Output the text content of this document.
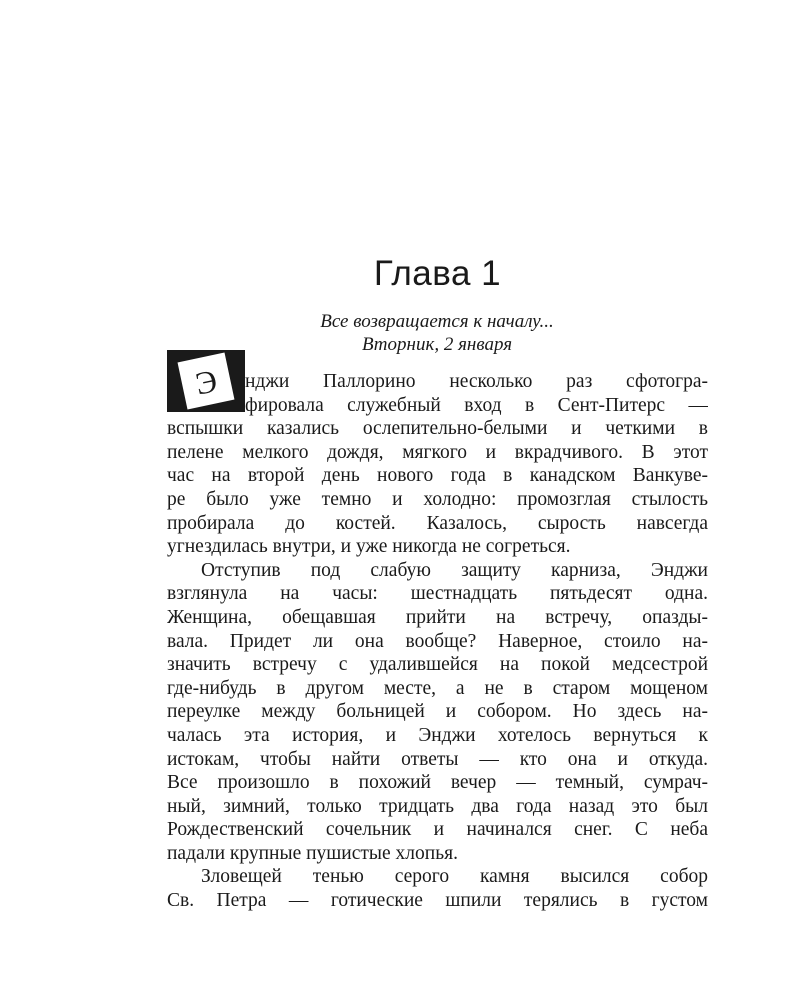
Глава 1
Все возвращается к началу...
Вторник, 2 января
Э	нджи Паллорино несколько раз сфотогра-
фировала служебный вход в Сент-Питерс —
вспышки казались ослепительно-белыми и четкими в
пелене мелкого дождя, мягкого и вкрадчивого. В этот
час на второй день нового года в канадском Ванкуве-
ре было уже темно и холодно: промозглая стылость
пробирала до костей. Казалось, сырость навсегда
угнездилась внутри, и уже никогда не согреться.
Отступив под слабую защиту карниза, Энджи
взглянула на часы: шестнадцать пятьдесят одна.
Женщина, обещавшая прийти на встречу, опазды-
вала. Придет ли она вообще? Наверное, стоило на-
значить встречу с удалившейся на покой медсестрой
где-нибудь в другом месте, а не в старом мощеном
переулке между больницей и собором. Но здесь на-
чалась эта история, и Энджи хотелось вернуться к
истокам, чтобы найти ответы — кто она и откуда.
Все произошло в похожий вечер — темный, сумрач-
ный, зимний, только тридцать два года назад это был
Рождественский сочельник и начинался снег. С неба
падали крупные пушистые хлопья.
Зловещей тенью серого камня высился собор
Св. Петра — готические шпили терялись в густом
